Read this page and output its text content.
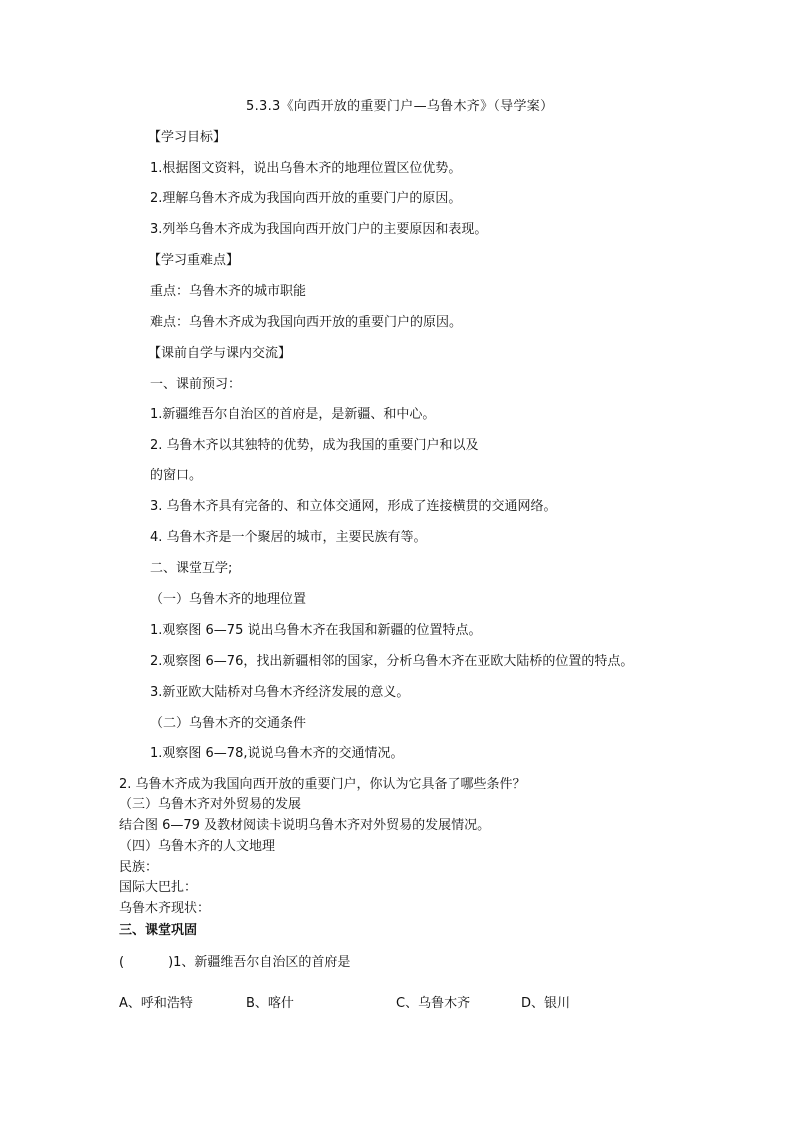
5.3.3《向西开放的重要门户—乌鲁木齐》（导学案）
【学习目标】
1.根据图文资料，说出乌鲁木齐的地理位置区位优势。
2.理解乌鲁木齐成为我国向西开放的重要门户的原因。
3.列举乌鲁木齐成为我国向西开放门户的主要原因和表现。
【学习重难点】
重点：乌鲁木齐的城市职能
难点：乌鲁木齐成为我国向西开放的重要门户的原因。
【课前自学与课内交流】
一、课前预习：
1.新疆维吾尔自治区的首府是，是新疆、和中心。
2. 乌鲁木齐以其独特的优势，成为我国的重要门户和以及
的窗口。
3. 乌鲁木齐具有完备的、和立体交通网，形成了连接横贯的交通网络。
4. 乌鲁木齐是一个聚居的城市，主要民族有等。
二、课堂互学;
（一）乌鲁木齐的地理位置
1.观察图 6—75 说出乌鲁木齐在我国和新疆的位置特点。
2.观察图 6—76，找出新疆相邻的国家，分析乌鲁木齐在亚欧大陆桥的位置的特点。
3.新亚欧大陆桥对乌鲁木齐经济发展的意义。
（二）乌鲁木齐的交通条件
1.观察图 6—78,说说乌鲁木齐的交通情况。
2. 乌鲁木齐成为我国向西开放的重要门户，你认为它具备了哪些条件？
（三）乌鲁木齐对外贸易的发展
结合图 6—79 及教材阅读卡说明乌鲁木齐对外贸易的发展情况。
（四）乌鲁木齐的人文地理
民族：
国际大巴扎：
乌鲁木齐现状：
三、课堂巩固
(	)1、新疆维吾尔自治区的首府是
A、呼和浩特	B、喀什	C、乌鲁木齐	D、银川
